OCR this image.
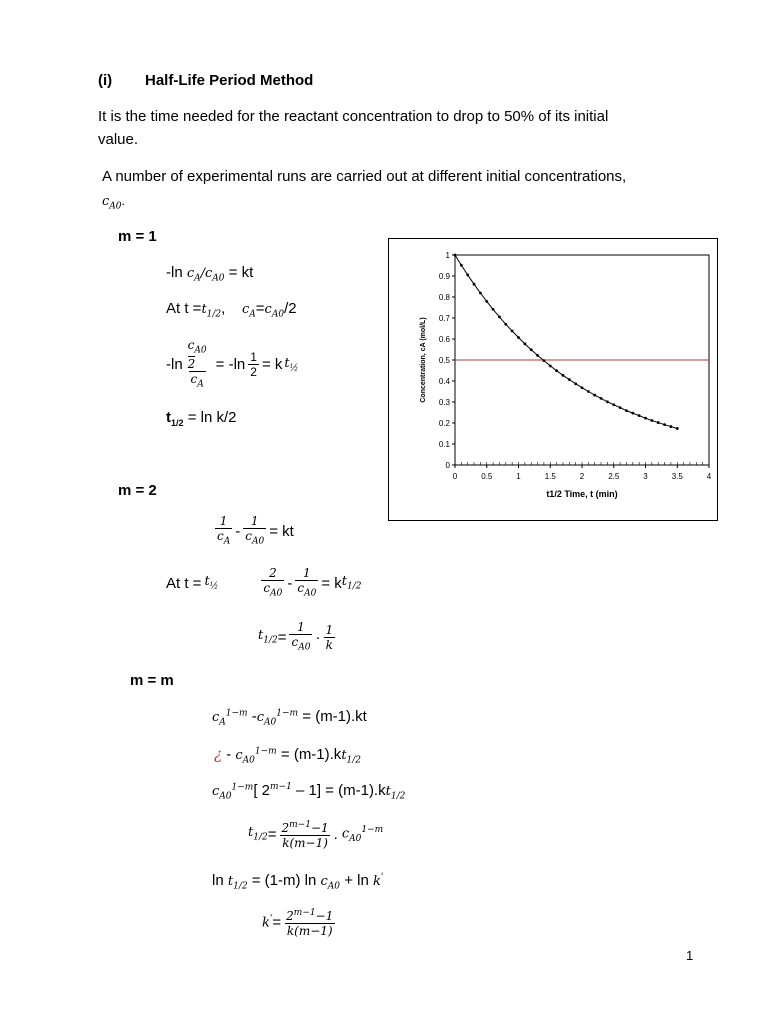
(i) Half-Life Period Method
It is the time needed for the reactant concentration to drop to 50% of its initial
value.
A number of experimental runs are carried out at different initial concentrations,
$c_{A0}$.
m = 1
-ln $c_A/c_{A0}$ = kt
At $t =t_{1/2}$, $c_A=c_{A0}/2$
-ln
$c_{A0}$
2
$c_A$
= $-\ln \frac{1}{2} = k$ $t_{\frac{1}{2}}$
$t_{1/2} = \ln k/2$
0
0.1
0.2
0.3
0.4
0.5
0.6
0.7
0.8
0.9
1
0	0.5	1	1.5	2	2.5	3	3.5	4
t1/2 Time, t (min)
Concentration, cA (mol/L)
m = 2
$\frac{1}{c_A} - \frac{1}{c_{A0}}$ = kt
At $t = t_{\frac{1}{2}}$	$\frac{2}{c_{A0}} - \frac{1}{c_{A0}} = k$ $t_{1/2}$
$t_{1/2} = \frac{1}{c_{A0}} \cdot \frac{1}{k}$
m = m
$c_A^{1-m}$ $-c_{A0}^{1-m} = (m-1).kt$
¿ - $c_{A0}^{1-m} = (m-1).kt_{1/2}$
$c_{A0}^{1-m}$[ $2^{m-1} - 1] = (m-1).kt_{1/2}$
$t_{1/2} = \frac{2^{m-1}-1}{k(m-1)}$ . $c_{A0}^{1-m}$
$\ln t_{1/2} = (1-m)$ $\ln c_{A0} + \ln k'$
$k' = \frac{2^{m-1}-1}{k(m-1)}$
1
